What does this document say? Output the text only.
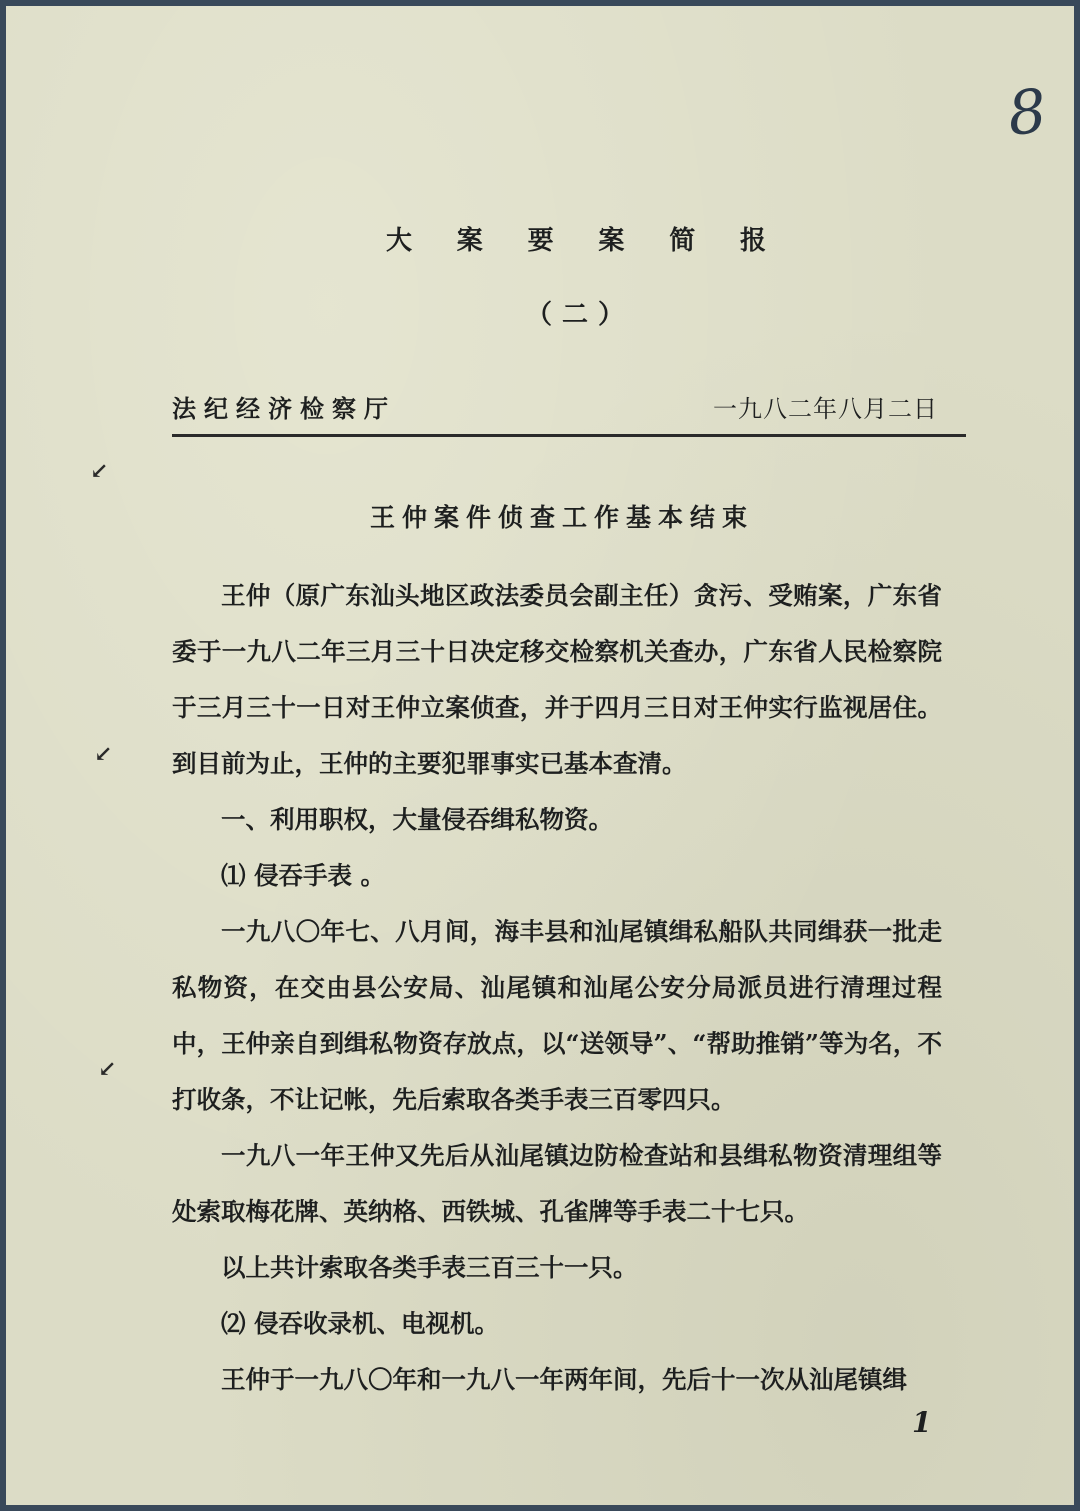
8
↙
↙
↙
大 案 要 案 简 报
（二）
法纪经济检察厅	一九八二年八月二日
王仲案件侦查工作基本结束

王仲（原广东汕头地区政法委员会副主任）贪污、受贿案，广东省委于一九八二年三月三十日决定移交检察机关查办，广东省人民检察院于三月三十一日对王仲立案侦查，并于四月三日对王仲实行监视居住。到目前为止，王仲的主要犯罪事实已基本查清。

一、利用职权，大量侵吞缉私物资。

⑴ 侵吞手表 。

一九八〇年七、八月间，海丰县和汕尾镇缉私船队共同缉获一批走私物资，在交由县公安局、汕尾镇和汕尾公安分局派员进行清理过程中，王仲亲自到缉私物资存放点，以“送领导”、“帮助推销”等为名，不打收条，不让记帐，先后索取各类手表三百零四只。

一九八一年王仲又先后从汕尾镇边防检查站和县缉私物资清理组等处索取梅花牌、英纳格、西铁城、孔雀牌等手表二十七只。

以上共计索取各类手表三百三十一只。

⑵ 侵吞收录机、电视机。

王仲于一九八〇年和一九八一年两年间，先后十一次从汕尾镇缉

1
